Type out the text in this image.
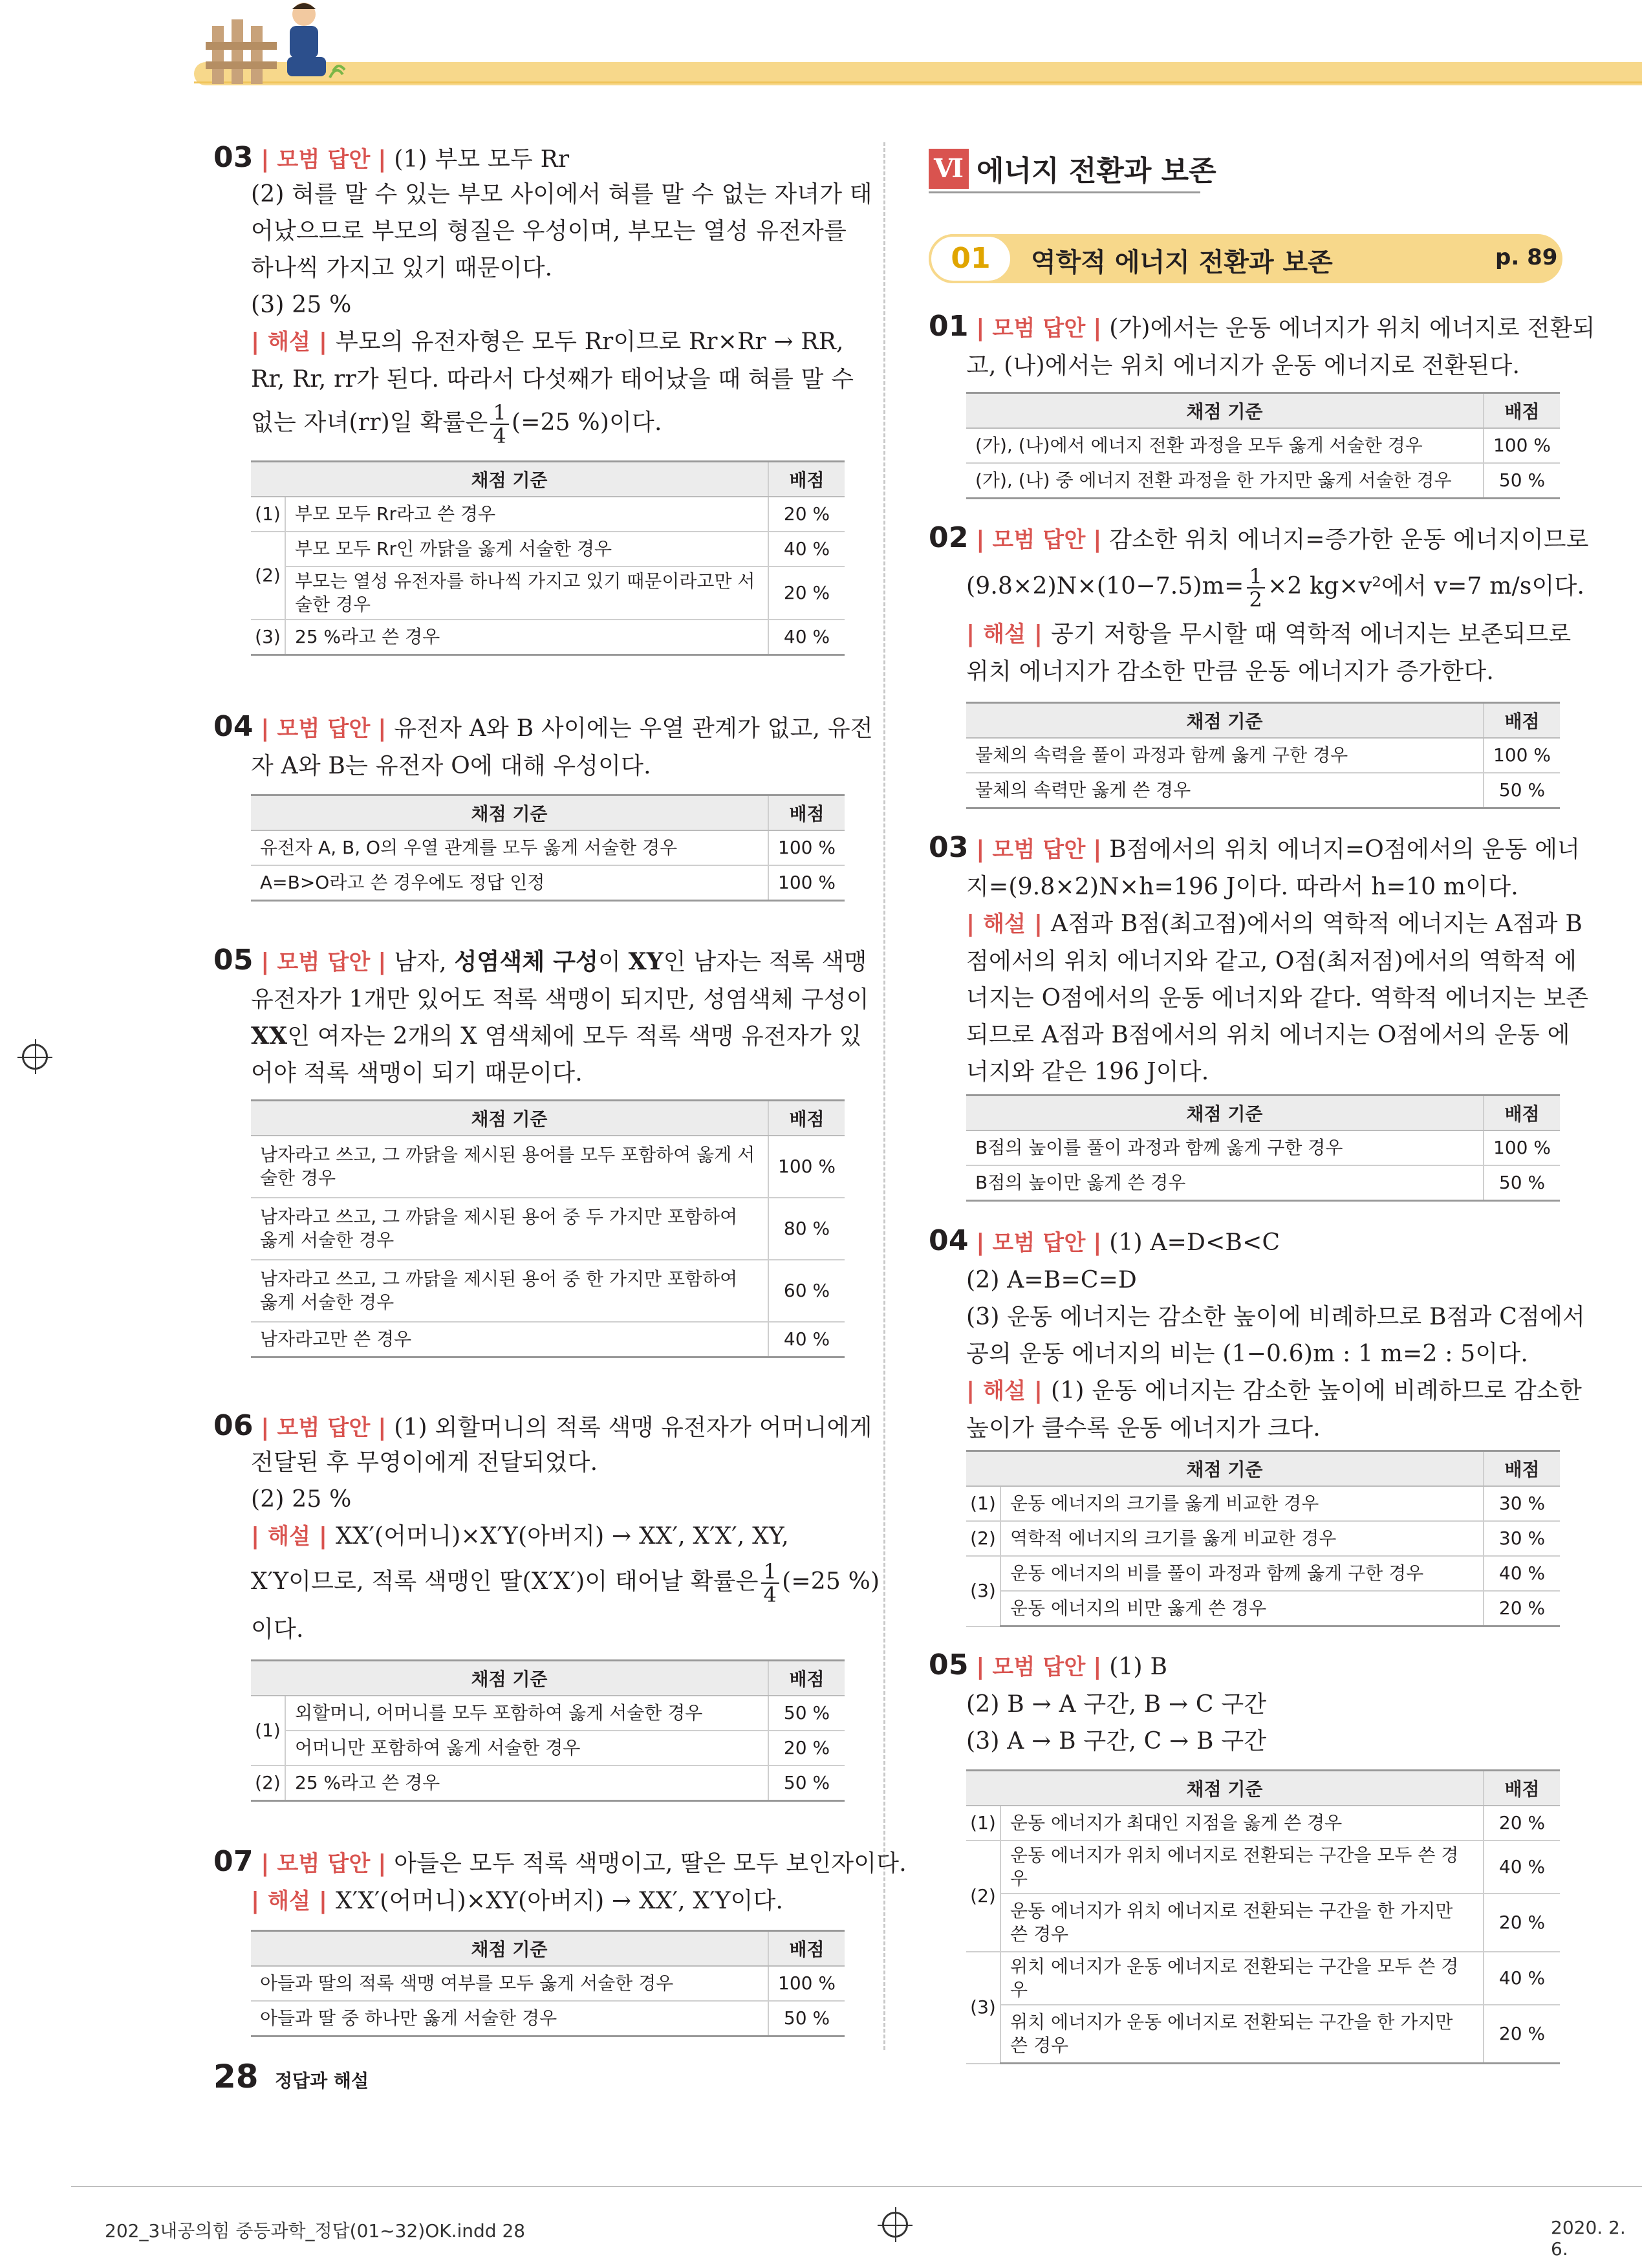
03 | 모범 답안 | (1) 부모 모두 Rr
(2) 혀를 말 수 있는 부모 사이에서 혀를 말 수 없는 자녀가 태
어났으므로 부모의 형질은 우성이며, 부모는 열성 유전자를
하나씩 가지고 있기 때문이다.
(3) 25 %
| 해설 | 부모의 유전자형은 모두 Rr이므로 Rr×Rr → RR,
Rr, Rr, rr가 된다. 따라서 다섯째가 태어났을 때 혀를 말 수
없는 자녀(rr)일 확률은 $\frac{1}{4} (=25$ %)이다.
채점 기준		배점
(1)	부모 모두 Rr라고 쓴 경우	20 %
(2)	부모 모두 Rr인 까닭을 옳게 서술한 경우	40 %
	부모는 열성 유전자를 하나씩 가지고 있기 때문이라고만 서술한 경우	20 %
(3)	25 %라고 쓴 경우	40 %
04 | 모범 답안 | 유전자 A와 B 사이에는 우열 관계가 없고, 유전
자 A와 B는 유전자 O에 대해 우성이다.
채점 기준	배점
유전자 A, B, O의 우열 관계를 모두 옳게 서술한 경우	100 %
A=B>O라고 쓴 경우에도 정답 인정	100 %
05 | 모범 답안 | 남자, 성염색체 구성이 XY인 남자는 적록 색맹
유전자가 1개만 있어도 적록 색맹이 되지만, 성염색체 구성이
XX인 여자는 2개의 X 염색체에 모두 적록 색맹 유전자가 있
어야 적록 색맹이 되기 때문이다.
채점 기준	배점
남자라고 쓰고, 그 까닭을 제시된 용어를 모두 포함하여 옳게 서술한 경우	100 %
남자라고 쓰고, 그 까닭을 제시된 용어 중 두 가지만 포함하여 옳게 서술한 경우	80 %
남자라고 쓰고, 그 까닭을 제시된 용어 중 한 가지만 포함하여 옳게 서술한 경우	60 %
남자라고만 쓴 경우	40 %
06 | 모범 답안 | (1) 외할머니의 적록 색맹 유전자가 어머니에게
전달된 후 무영이에게 전달되었다.
(2) 25 %
| 해설 | XX′(어머니)×X′Y(아버지) → XX′, X′X′, XY,
X′Y이므로, 적록 색맹인 딸(X′X′)이 태어날 확률은 $\frac{1}{4} (=25$ %)
이다.
채점 기준		배점
(1)	외할머니, 어머니를 모두 포함하여 옳게 서술한 경우	50 %
	어머니만 포함하여 옳게 서술한 경우	20 %
(2)	25 %라고 쓴 경우	50 %
07 | 모범 답안 | 아들은 모두 적록 색맹이고, 딸은 모두 보인자이다.
| 해설 | X′X′(어머니)×XY(아버지) → XX′, X′Y이다.
채점 기준	배점
아들과 딸의 적록 색맹 여부를 모두 옳게 서술한 경우	100 %
아들과 딸 중 하나만 옳게 서술한 경우	50 %
Ⅵ 에너지 전환과 보존
01	역학적 에너지 전환과 보존	p. 89
01 | 모범 답안 | (가)에서는 운동 에너지가 위치 에너지로 전환되
고, (나)에서는 위치 에너지가 운동 에너지로 전환된다.
채점 기준	배점
(가), (나)에서 에너지 전환 과정을 모두 옳게 서술한 경우	100 %
(가), (나) 중 에너지 전환 과정을 한 가지만 옳게 서술한 경우	50 %
02 | 모범 답안 | 감소한 위치 에너지=증가한 운동 에너지이므로
$(9.8\times 2)N\times(10-7.5)m= \frac{1}{2} \times 2$ kg×v²에서 v=7 m/s이다.
| 해설 | 공기 저항을 무시할 때 역학적 에너지는 보존되므로
위치 에너지가 감소한 만큼 운동 에너지가 증가한다.
채점 기준	배점
물체의 속력을 풀이 과정과 함께 옳게 구한 경우	100 %
물체의 속력만 옳게 쓴 경우	50 %
03 | 모범 답안 | B점에서의 위치 에너지=O점에서의 운동 에너
지=(9.8×2)N×h=196 J이다. 따라서 h=10 m이다.
| 해설 | A점과 B점(최고점)에서의 역학적 에너지는 A점과 B
점에서의 위치 에너지와 같고, O점(최저점)에서의 역학적 에
너지는 O점에서의 운동 에너지와 같다. 역학적 에너지는 보존
되므로 A점과 B점에서의 위치 에너지는 O점에서의 운동 에
너지와 같은 196 J이다.
채점 기준	배점
B점의 높이를 풀이 과정과 함께 옳게 구한 경우	100 %
B점의 높이만 옳게 쓴 경우	50 %
04 | 모범 답안 | (1) A=D<B<C
(2) A=B=C=D
(3) 운동 에너지는 감소한 높이에 비례하므로 B점과 C점에서
공의 운동 에너지의 비는 (1−0.6)m : 1 m=2 : 5이다.
| 해설 | (1) 운동 에너지는 감소한 높이에 비례하므로 감소한
높이가 클수록 운동 에너지가 크다.
채점 기준		배점
(1)	운동 에너지의 크기를 옳게 비교한 경우	30 %
(2)	역학적 에너지의 크기를 옳게 비교한 경우	30 %
(3)	운동 에너지의 비를 풀이 과정과 함께 옳게 구한 경우	40 %
	운동 에너지의 비만 옳게 쓴 경우	20 %
05 | 모범 답안 | (1) B
(2) B → A 구간, B → C 구간
(3) A → B 구간, C → B 구간
채점 기준		배점
(1)	운동 에너지가 최대인 지점을 옳게 쓴 경우	20 %
(2)	운동 에너지가 위치 에너지로 전환되는 구간을 모두 쓴 경우	40 %
	운동 에너지가 위치 에너지로 전환되는 구간을 한 가지만 쓴 경우	20 %
(3)	위치 에너지가 운동 에너지로 전환되는 구간을 모두 쓴 경우	40 %
	위치 에너지가 운동 에너지로 전환되는 구간을 한 가지만 쓴 경우	20 %
28 정답과 해설
202_3내공의힘 중등과학_정답(01~32)OK.indd 28	2020. 2. 6.
